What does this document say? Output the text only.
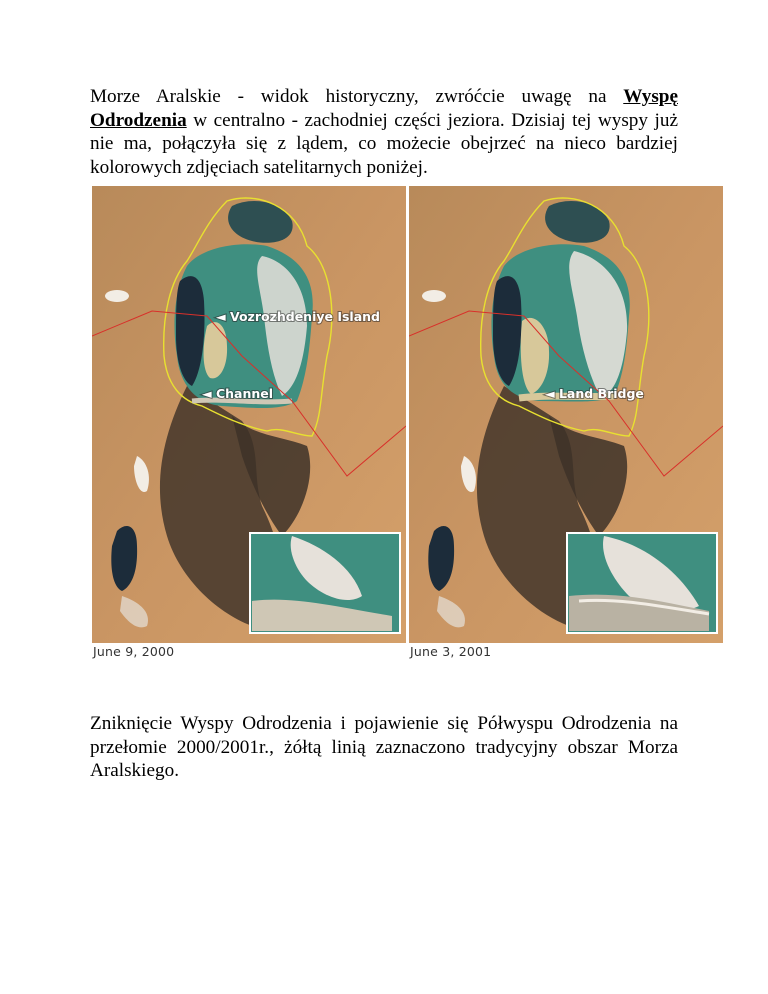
Morze Aralskie - widok historyczny, zwróćcie uwagę na Wyspę Odrodzenia w centralno - zachodniej części jeziora. Dzisiaj tej wyspy już nie ma, połączyła się z lądem, co możecie obejrzeć na nieco bardziej kolorowych zdjęciach satelitarnych poniżej.

◄ Vozrozhdeniye Island
◄ Channel	◄ Land Bridge
June 9, 2000	June 3, 2001

Zniknięcie Wyspy Odrodzenia i pojawienie się Półwyspu Odrodzenia na przełomie 2000/2001r., żółtą linią zaznaczono tradycyjny obszar Morza Aralskiego.
